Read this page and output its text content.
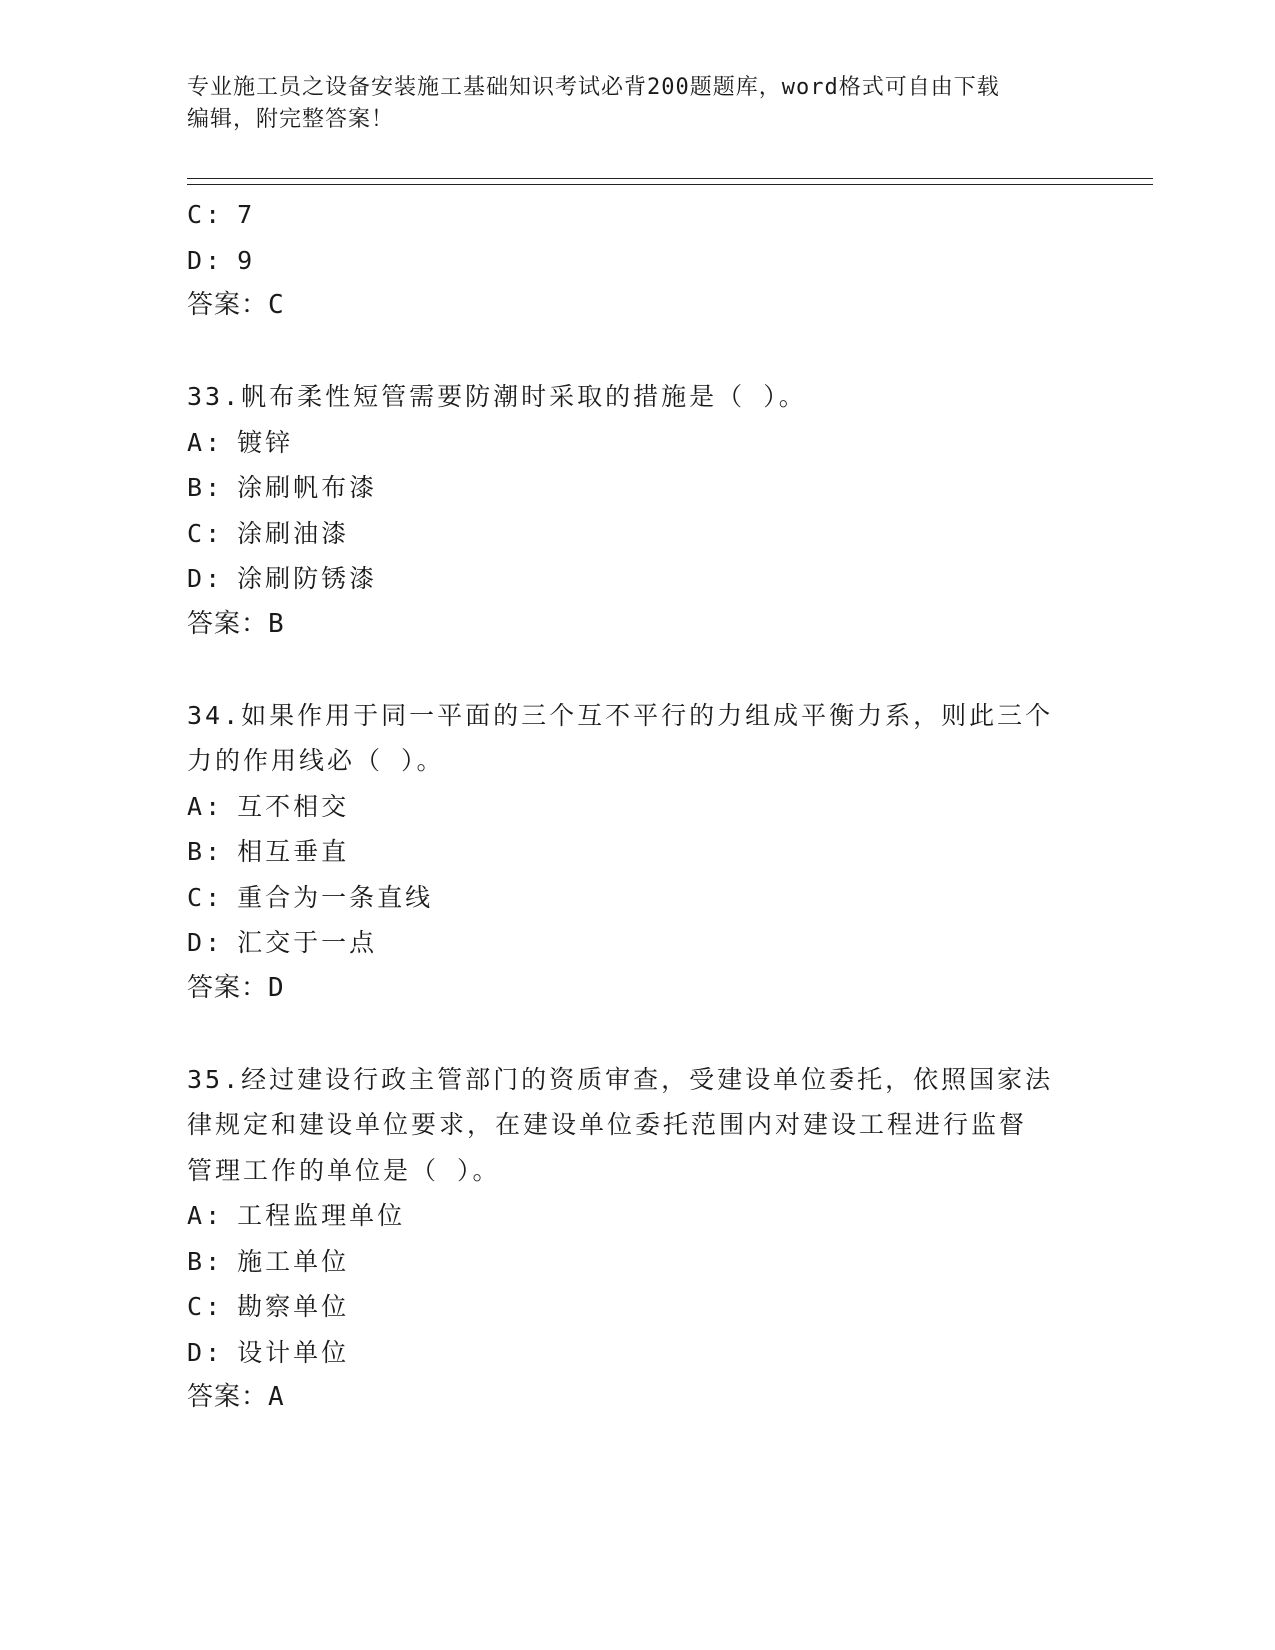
专业施工员之设备安装施工基础知识考试必背200题题库，word格式可自由下载
编辑，附完整答案！
C: 7
D: 9
答案：C
33.帆布柔性短管需要防潮时采取的措施是（ ）。
A: 镀锌
B: 涂刷帆布漆
C: 涂刷油漆
D: 涂刷防锈漆
答案：B
34.如果作用于同一平面的三个互不平行的力组成平衡力系，则此三个
力的作用线必（ ）。
A: 互不相交
B: 相互垂直
C: 重合为一条直线
D: 汇交于一点
答案：D
35.经过建设行政主管部门的资质审查，受建设单位委托，依照国家法
律规定和建设单位要求，在建设单位委托范围内对建设工程进行监督
管理工作的单位是（ ）。
A: 工程监理单位
B: 施工单位
C: 勘察单位
D: 设计单位
答案：A
